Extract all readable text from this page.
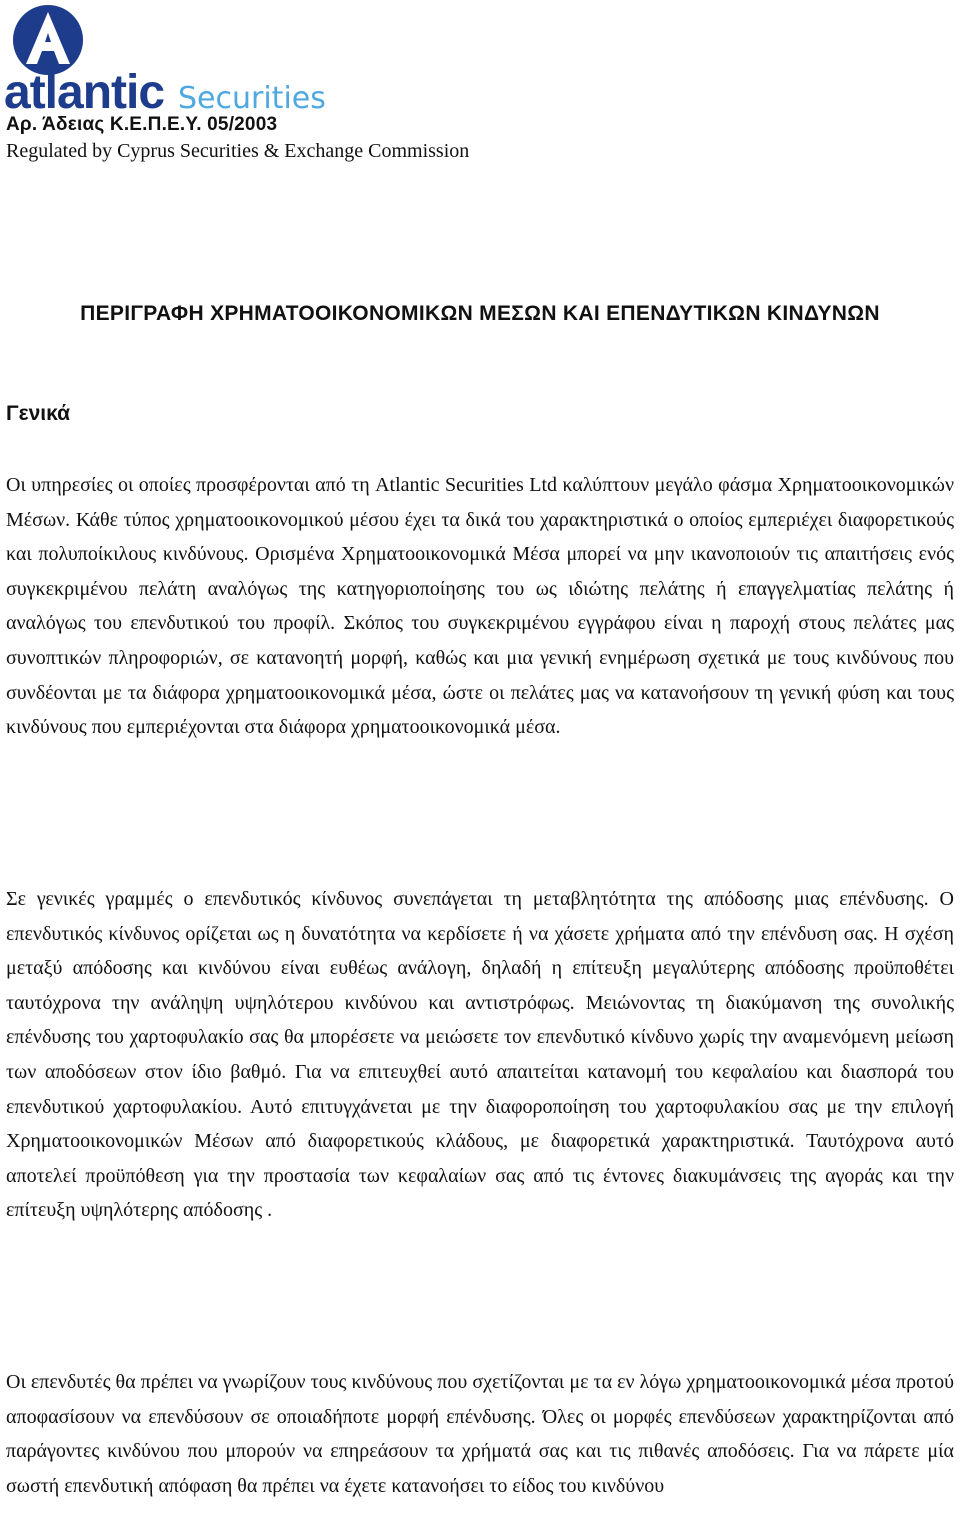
atlantic Securities
Αρ. Άδειας Κ.Ε.Π.Ε.Υ. 05/2003
Regulated by Cyprus Securities & Exchange Commission
ΠΕΡΙΓΡΑΦΗ ΧΡΗΜΑΤΟΟΙΚΟΝΟΜΙΚΩΝ ΜΕΣΩΝ ΚΑΙ ΕΠΕΝΔΥΤΙΚΩΝ ΚΙΝΔΥΝΩΝ
Γενικά
Οι υπηρεσίες οι οποίες προσφέρονται από τη Atlantic Securities Ltd καλύπτουν μεγάλο φάσμα Χρηματοοικονομικών Μέσων. Κάθε τύπος χρηματοοικονομικού μέσου έχει τα δικά του χαρακτηριστικά ο οποίος εμπεριέχει διαφορετικούς και πολυποίκιλους κινδύνους. Ορισμένα Χρηματοοικονομικά Μέσα μπορεί να μην ικανοποιούν τις απαιτήσεις ενός συγκεκριμένου πελάτη αναλόγως της κατηγοριοποίησης του ως ιδιώτης πελάτης ή επαγγελματίας πελάτης ή αναλόγως του επενδυτικού του προφίλ. Σκόπος του συγκεκριμένου εγγράφου είναι η παροχή στους πελάτες μας συνοπτικών πληροφοριών, σε κατανοητή μορφή, καθώς και μια γενική ενημέρωση σχετικά με τους κινδύνους που συνδέονται με τα διάφορα χρηματοοικονομικά μέσα, ώστε οι πελάτες μας να κατανοήσουν τη γενική φύση και τους κινδύνους που εμπεριέχονται στα διάφορα χρηματοοικονομικά μέσα.
Σε γενικές γραμμές ο επενδυτικός κίνδυνος συνεπάγεται τη μεταβλητότητα της απόδοσης μιας επένδυσης. Ο επενδυτικός κίνδυνος ορίζεται ως η δυνατότητα να κερδίσετε ή να χάσετε χρήματα από την επένδυση σας. Η σχέση μεταξύ απόδοσης και κινδύνου είναι ευθέως ανάλογη, δηλαδή η επίτευξη μεγαλύτερης απόδοσης προϋποθέτει ταυτόχρονα την ανάληψη υψηλότερου κινδύνου και αντιστρόφως. Μειώνοντας τη διακύμανση της συνολικής επένδυσης του χαρτοφυλακίο σας θα μπορέσετε να μειώσετε τον επενδυτικό κίνδυνο χωρίς την αναμενόμενη μείωση των αποδόσεων στον ίδιο βαθμό. Για να επιτευχθεί αυτό απαιτείται κατανομή του κεφαλαίου και διασπορά του επενδυτικού χαρτοφυλακίου. Αυτό επιτυγχάνεται με την διαφοροποίηση του χαρτοφυλακίου σας με την επιλογή Χρηματοοικονομικών Μέσων από διαφορετικούς κλάδους, με διαφορετικά χαρακτηριστικά. Ταυτόχρονα αυτό αποτελεί προϋπόθεση για την προστασία των κεφαλαίων σας από τις έντονες διακυμάνσεις της αγοράς και την επίτευξη υψηλότερης απόδοσης .
Οι επενδυτές θα πρέπει να γνωρίζουν τους κινδύνους που σχετίζονται με τα εν λόγω χρηματοοικονομικά μέσα προτού αποφασίσουν να επενδύσουν σε οποιαδήποτε μορφή επένδυσης. Όλες οι μορφές επενδύσεων χαρακτηρίζονται από παράγοντες κινδύνου που μπορούν να επηρεάσουν τα χρήματά σας και τις πιθανές αποδόσεις. Για να πάρετε μία σωστή επενδυτική απόφαση θα πρέπει να έχετε κατανοήσει το είδος του κινδύνου
